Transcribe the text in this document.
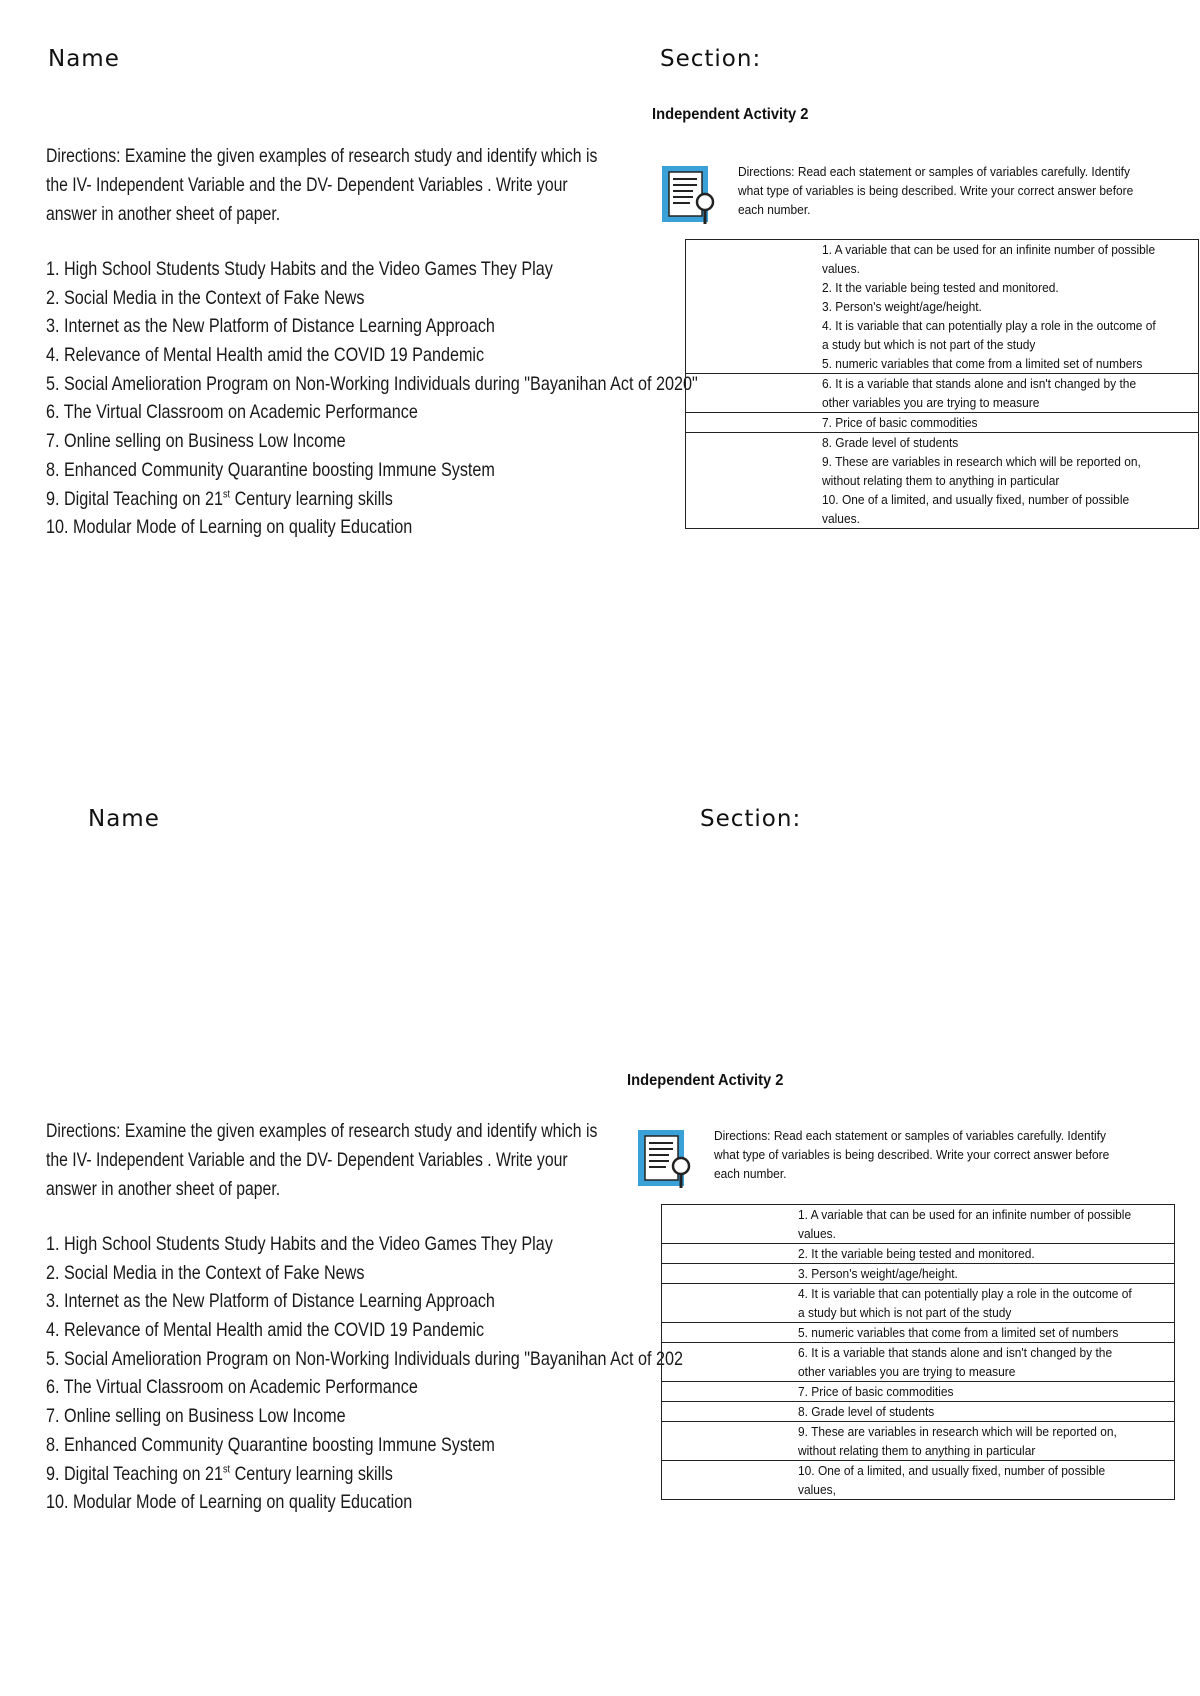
Name	Section:
Directions: Examine the given examples of research study and identify which is the IV- Independent Variable and the DV- Dependent Variables . Write your answer in another sheet of paper.
1. High School Students Study Habits and the Video Games They Play
2. Social Media in the Context of Fake News
3. Internet as the New Platform of Distance Learning Approach
4. Relevance of Mental Health amid the COVID 19 Pandemic
5. Social Amelioration Program on Non-Working Individuals during "Bayanihan Act of 2020"
6. The Virtual Classroom on Academic Performance
7. Online selling on Business Low Income
8. Enhanced Community Quarantine boosting Immune System
9. Digital Teaching on 21st Century learning skills
10. Modular Mode of Learning on quality Education
Independent Activity 2
Directions: Read each statement or samples of variables carefully. Identify what type of variables is being described. Write your correct answer before each number.

	1. A variable that can be used for an infinite number of possible values.
2. It the variable being tested and monitored.
3. Person's weight/age/height.
4. It is variable that can potentially play a role in the outcome of a study but which is not part of the study
5. numeric variables that come from a limited set of numbers

	6. It is a variable that stands alone and isn't changed by the other variables you are trying to measure

	7. Price of basic commodities

	8. Grade level of students
9. These are variables in research which will be reported on, without relating them to anything in particular
10. One of a limited, and usually fixed, number of possible values.
Name	Section:
Directions: Examine the given examples of research study and identify which is the IV- Independent Variable and the DV- Dependent Variables . Write your answer in another sheet of paper.
1. High School Students Study Habits and the Video Games They Play
2. Social Media in the Context of Fake News
3. Internet as the New Platform of Distance Learning Approach
4. Relevance of Mental Health amid the COVID 19 Pandemic
5. Social Amelioration Program on Non-Working Individuals during "Bayanihan Act of 202
6. The Virtual Classroom on Academic Performance
7. Online selling on Business Low Income
8. Enhanced Community Quarantine boosting Immune System
9. Digital Teaching on 21st Century learning skills
10. Modular Mode of Learning on quality Education
Independent Activity 2
Directions: Read each statement or samples of variables carefully. Identify what type of variables is being described. Write your correct answer before each number.

	1. A variable that can be used for an infinite number of possible values.

	2. It the variable being tested and monitored.

	3. Person's weight/age/height.

	4. It is variable that can potentially play a role in the outcome of a study but which is not part of the study

	5. numeric variables that come from a limited set of numbers

	6. It is a variable that stands alone and isn't changed by the other variables you are trying to measure

	7. Price of basic commodities

	8. Grade level of students

	9. These are variables in research which will be reported on, without relating them to anything in particular

	10. One of a limited, and usually fixed, number of possible values,
